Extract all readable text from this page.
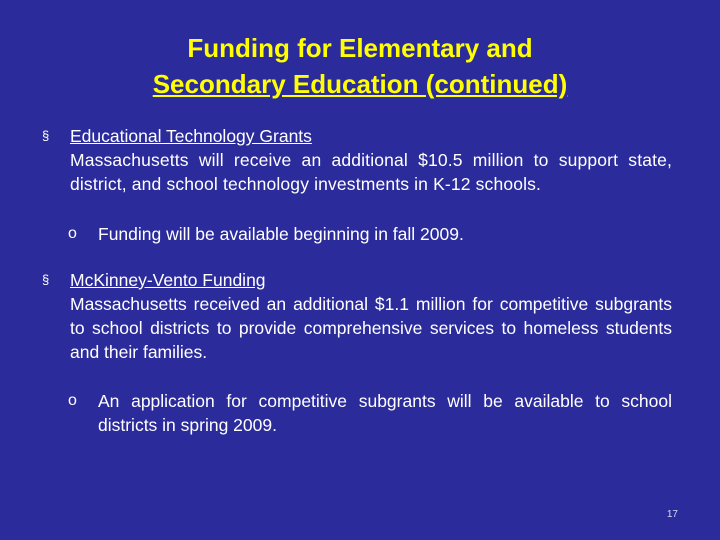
Funding for Elementary and
Secondary Education (continued)
§	Educational Technology Grants
Massachusetts will receive an additional $10.5 million to support state, district, and school technology investments in K-12 schools.
o Funding will be available beginning in fall 2009.
§	McKinney-Vento Funding
Massachusetts received an additional $1.1 million for competitive subgrants to school districts to provide comprehensive services to homeless students and their families.
o An application for competitive subgrants will be available to school districts in spring 2009.
17
